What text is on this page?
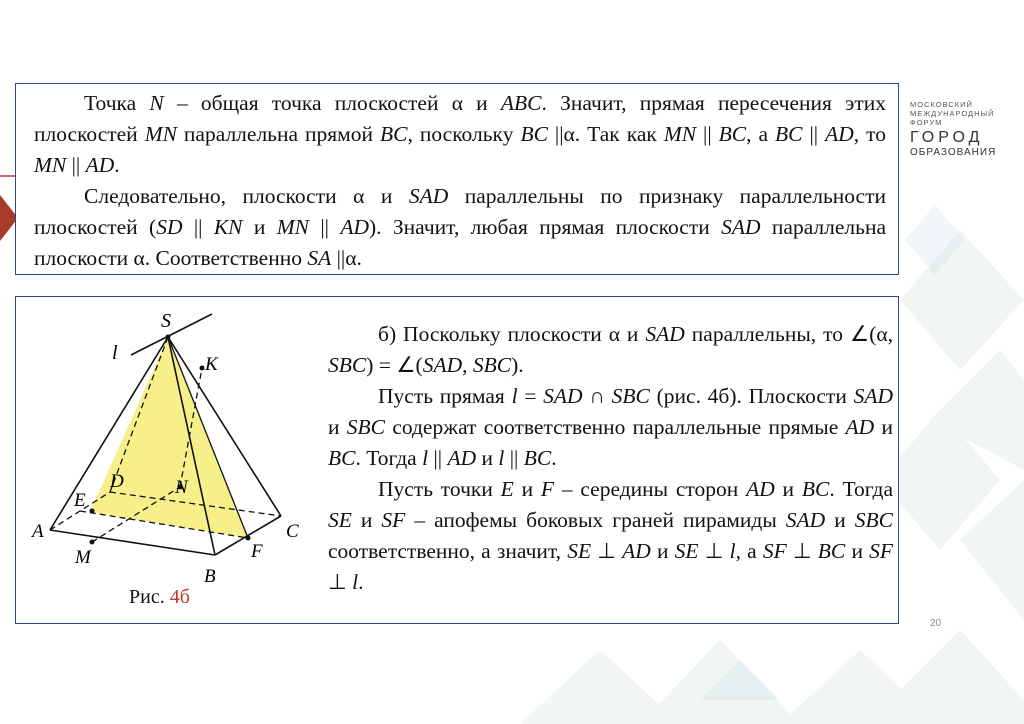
МОСКОВСКИЙ
МЕЖДУНАРОДНЫЙ
ФОРУМ
ГОРОД
ОБРАЗОВАНИЯ

Точка N – общая точка плоскостей α и ABC. Значит, прямая пересечения этих плоскостей MN параллельна прямой BC, поскольку BC ||α. Так как MN || BC, а BC || AD, то MN || AD.

Следовательно, плоскости α и SAD параллельны по признаку параллельности плоскостей (SD || KN и MN || AD). Значит, любая прямая плоскости SAD параллельна плоскости α. Соответственно SA ||α.

S
l
K
D	N
E
A
M
B
F
C

б) Поскольку плоскости α и SAD параллельны, то ∠(α, SBC) = ∠(SAD, SBC).

Пусть прямая l = SAD ∩ SBC (рис. 4б). Плоскости SAD и SBC содержат соответственно параллельные прямые AD и BC. Тогда l || AD и l || BC.

Пусть точки E и F – середины сторон AD и BC. Тогда SE и SF – апофемы боковых граней пирамиды SAD и SBC соответственно, а значит, SE ⊥ AD и SE ⊥ l, а SF ⊥ BC и SF ⊥ l.

Рис. 4б
20
